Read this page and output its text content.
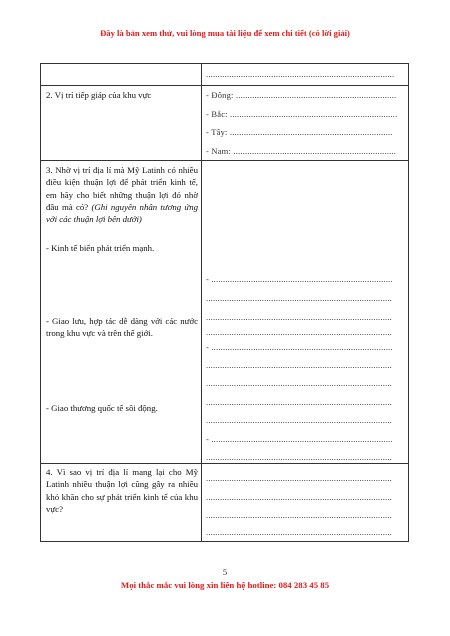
Đây là bản xem thử, vui lòng mua tài liệu để xem chi tiết (có lời giải)
.................................................................................
2. Vị trí tiếp giáp của khu vực	- Đông: .....................................................................
- Bắc: ........................................................................
- Tây: ......................................................................
- Nam: ......................................................................
3. Nhờ vị trí địa lí mà Mỹ Latinh có nhiều điều kiện thuận lợi để phát triển kinh tế, em hãy cho biết những thuận lợi đó nhờ đâu mà có? (Ghi nguyên nhân tương ứng với các thuận lợi bên dưới)
- Kinh tế biển phát triển mạnh.
- Giao lưu, hợp tác dễ dàng với các nước trong khu vực và trên thế giới.
- Giao thương quốc tế sôi động.
- ..............................................................................
................................................................................
................................................................................
................................................................................
- ..............................................................................
................................................................................
................................................................................
................................................................................
................................................................................
- ..............................................................................
................................................................................
4. Vì sao vị trí địa lí mang lại cho Mỹ Latinh nhiều thuận lợi cũng gây ra nhiều khó khăn cho sự phát triển kinh tế của khu vực?
................................................................................
................................................................................
................................................................................
................................................................................
5
Mọi thắc mắc vui lòng xin liên hệ hotline: 084 283 45 85
